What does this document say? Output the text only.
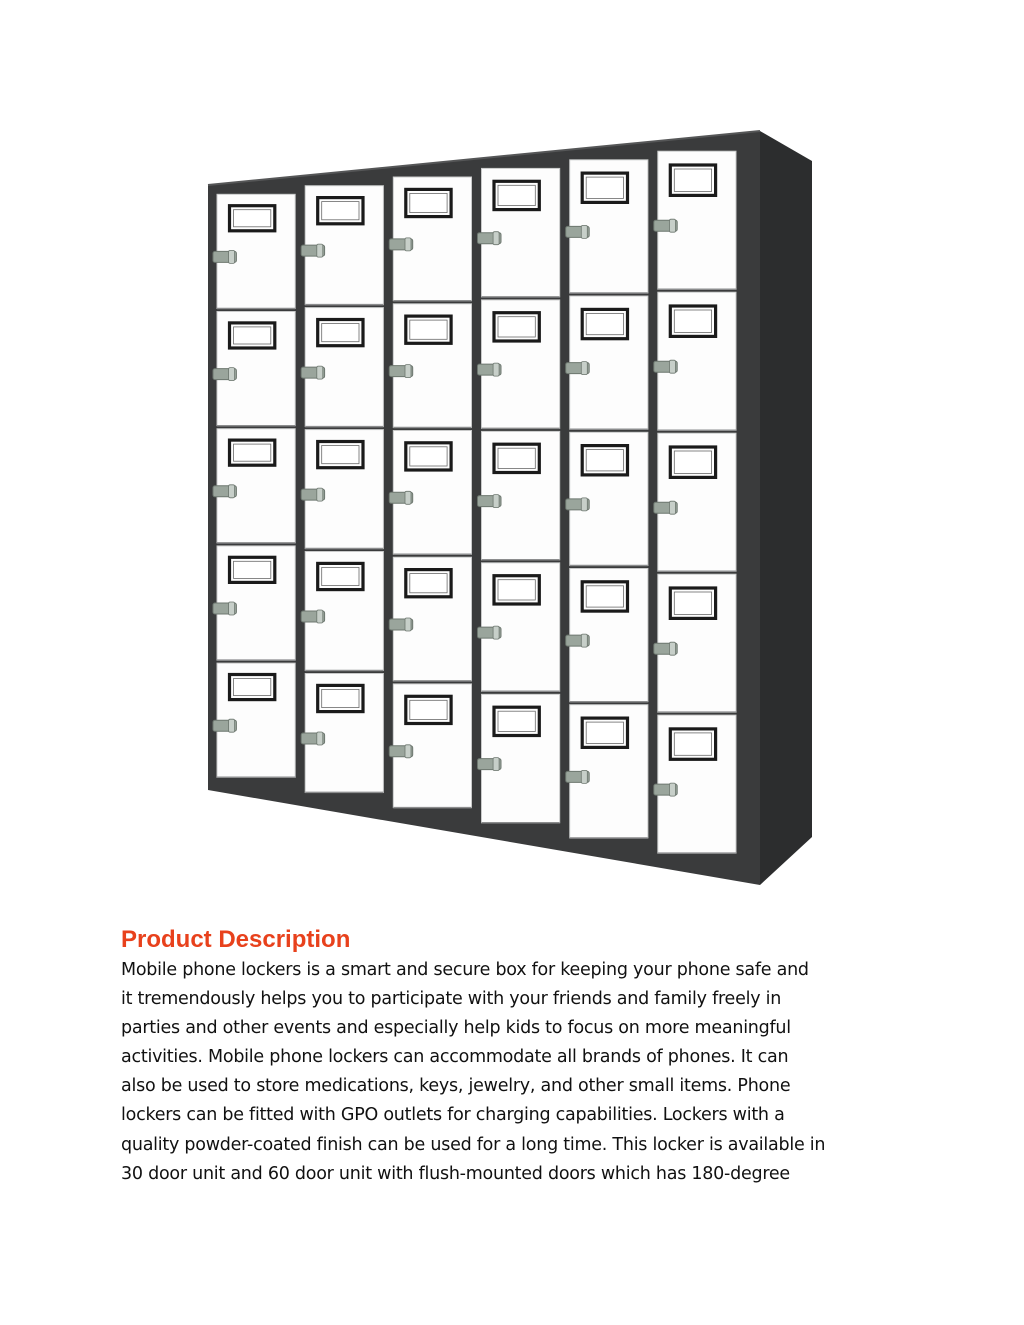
Product Description

Mobile phone lockers is a smart and secure box for keeping your phone safe and
it tremendously helps you to participate with your friends and family freely in
parties and other events and especially help kids to focus on more meaningful
activities. Mobile phone lockers can accommodate all brands of phones. It can
also be used to store medications, keys, jewelry, and other small items. Phone
lockers can be fitted with GPO outlets for charging capabilities. Lockers with a
quality powder-coated finish can be used for a long time. This locker is available in
30 door unit and 60 door unit with flush-mounted doors which has 180-degree
